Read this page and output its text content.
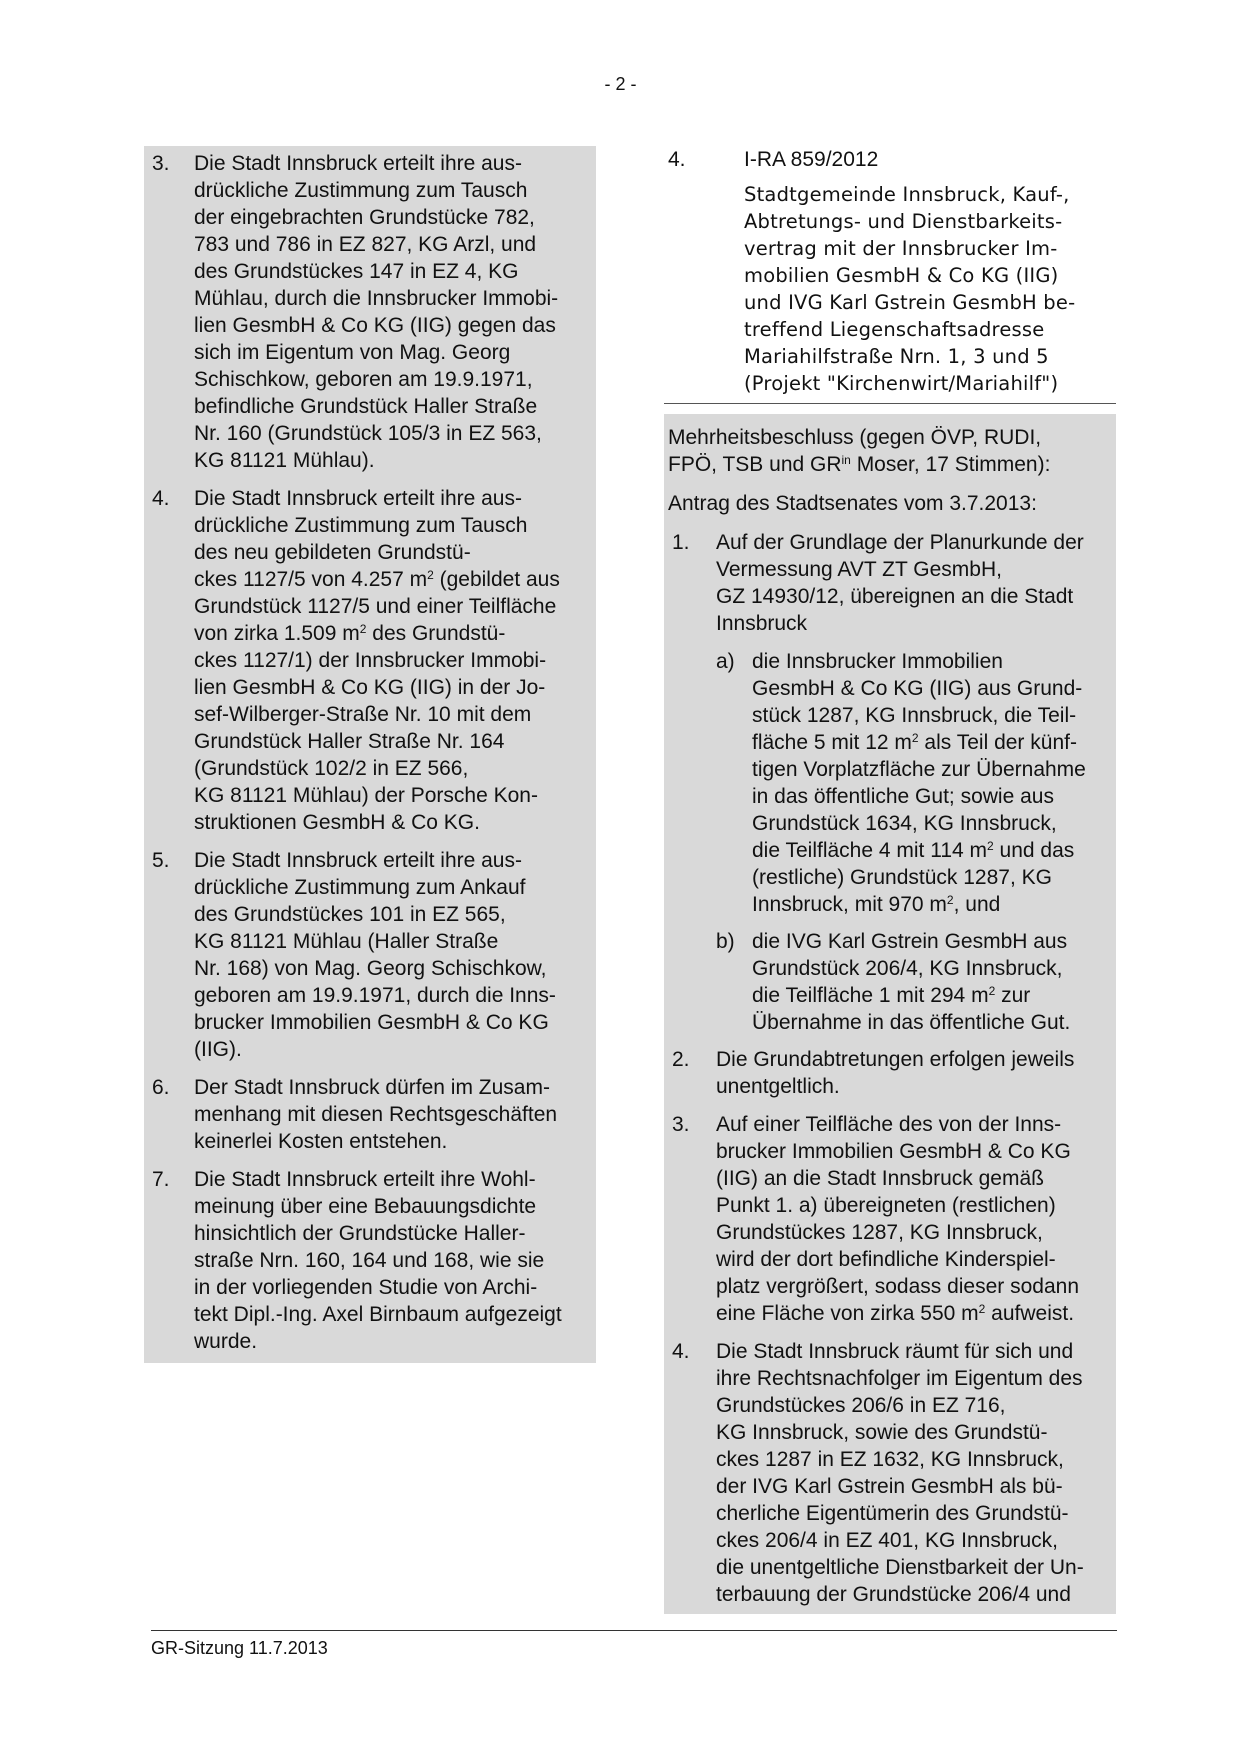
- 2 -
3. Die Stadt Innsbruck erteilt ihre aus-
drückliche Zustimmung zum Tausch
der eingebrachten Grundstücke 782,
783 und 786 in EZ 827, KG Arzl, und
des Grundstückes 147 in EZ 4, KG
Mühlau, durch die Innsbrucker Immobi-
lien GesmbH & Co KG (IIG) gegen das
sich im Eigentum von Mag. Georg
Schischkow, geboren am 19.9.1971,
befindliche Grundstück Haller Straße
Nr. 160 (Grundstück 105/3 in EZ 563,
KG 81121 Mühlau).
4. Die Stadt Innsbruck erteilt ihre aus-
drückliche Zustimmung zum Tausch
des neu gebildeten Grundstü-
ckes 1127/5 von 4.257 $m^2$ (gebildet aus
Grundstück 1127/5 und einer Teilfläche
von zirka 1.509 $m^2$ des Grundstü-
ckes 1127/1) der Innsbrucker Immobi-
lien GesmbH & Co KG (IIG) in der Jo-
sef-Wilberger-Straße Nr. 10 mit dem
Grundstück Haller Straße Nr. 164
(Grundstück 102/2 in EZ 566,
KG 81121 Mühlau) der Porsche Kon-
struktionen GesmbH & Co KG.
5. Die Stadt Innsbruck erteilt ihre aus-
drückliche Zustimmung zum Ankauf
des Grundstückes 101 in EZ 565,
KG 81121 Mühlau (Haller Straße
Nr. 168) von Mag. Georg Schischkow,
geboren am 19.9.1971, durch die Inns-
brucker Immobilien GesmbH & Co KG
(IIG).
6. Der Stadt Innsbruck dürfen im Zusam-
menhang mit diesen Rechtsgeschäften
keinerlei Kosten entstehen.
7. Die Stadt Innsbruck erteilt ihre Wohl-
meinung über eine Bebauungsdichte
hinsichtlich der Grundstücke Haller-
straße Nrn. 160, 164 und 168, wie sie
in der vorliegenden Studie von Archi-
tekt Dipl.-Ing. Axel Birnbaum aufgezeigt
wurde.
4.	I-RA 859/2012
Stadtgemeinde Innsbruck, Kauf-,
Abtretungs- und Dienstbarkeits-
vertrag mit der Innsbrucker Im-
mobilien GesmbH & Co KG (IIG)
und IVG Karl Gstrein GesmbH be-
treffend Liegenschaftsadresse
Mariahilfstraße Nrn. 1, 3 und 5
(Projekt "Kirchenwirt/Mariahilf")
Mehrheitsbeschluss (gegen ÖVP, RUDI,
FPÖ, TSB und $GR^{in}$ Moser, 17 Stimmen):
Antrag des Stadtsenates vom 3.7.2013:
1. Auf der Grundlage der Planurkunde der
Vermessung AVT ZT GesmbH,
GZ 14930/12, übereignen an die Stadt
Innsbruck
a) die Innsbrucker Immobilien
GesmbH & Co KG (IIG) aus Grund-
stück 1287, KG Innsbruck, die Teil-
fläche 5 mit 12 $m^2$ als Teil der künf-
tigen Vorplatzfläche zur Übernahme
in das öffentliche Gut; sowie aus
Grundstück 1634, KG Innsbruck,
die Teilfläche 4 mit 114 $m^2$ und das
(restliche) Grundstück 1287, KG
Innsbruck, mit 970 $m^2$, und
b) die IVG Karl Gstrein GesmbH aus
Grundstück 206/4, KG Innsbruck,
die Teilfläche 1 mit 294 $m^2$ zur
Übernahme in das öffentliche Gut.
2. Die Grundabtretungen erfolgen jeweils
unentgeltlich.
3. Auf einer Teilfläche des von der Inns-
brucker Immobilien GesmbH & Co KG
(IIG) an die Stadt Innsbruck gemäß
Punkt 1. a) übereigneten (restlichen)
Grundstückes 1287, KG Innsbruck,
wird der dort befindliche Kinderspiel-
platz vergrößert, sodass dieser sodann
eine Fläche von zirka 550 $m^2$ aufweist.
4. Die Stadt Innsbruck räumt für sich und
ihre Rechtsnachfolger im Eigentum des
Grundstückes 206/6 in EZ 716,
KG Innsbruck, sowie des Grundstü-
ckes 1287 in EZ 1632, KG Innsbruck,
der IVG Karl Gstrein GesmbH als bü-
cherliche Eigentümerin des Grundstü-
ckes 206/4 in EZ 401, KG Innsbruck,
die unentgeltliche Dienstbarkeit der Un-
terbauung der Grundstücke 206/4 und
GR-Sitzung 11.7.2013
